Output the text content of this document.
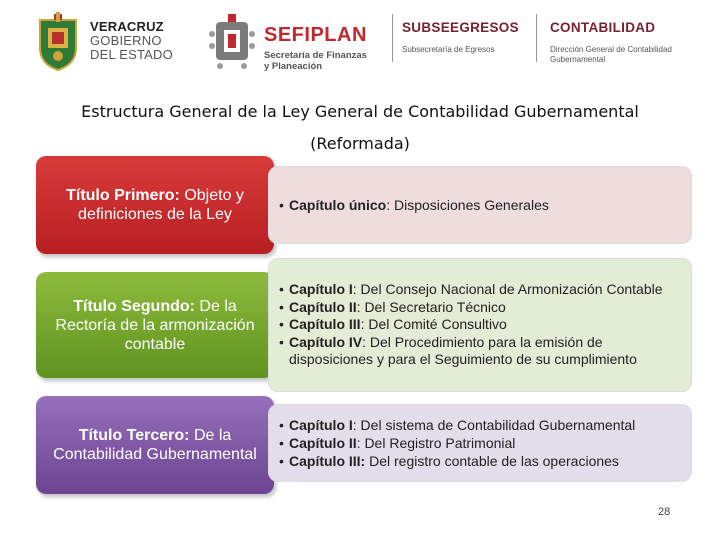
VERACRUZ
GOBIERNO
DEL ESTADO
SEFIPLAN
Secretaría de Finanzas
y Planeación
SUBSEEGRESOS
Subsecretaría de Egresos
CONTABILIDAD
Dirección General de Contabilidad
Gubernamental
Estructura General de la Ley General de Contabilidad Gubernamental
(Reformada)
Título Primero: Objeto y definiciones de la Ley
• Capítulo único: Disposiciones Generales
Título Segundo: De la Rectoría de la armonización contable
• Capítulo I: Del Consejo Nacional de Armonización Contable
• Capítulo II: Del Secretario Técnico
• Capítulo III: Del Comité Consultivo
• Capítulo IV: Del Procedimiento para la emisión de disposiciones y para el Seguimiento de su cumplimiento
Título Tercero: De la Contabilidad Gubernamental
• Capítulo I: Del sistema de Contabilidad Gubernamental
• Capítulo II: Del Registro Patrimonial
• Capítulo III: Del registro contable de las operaciones
28
